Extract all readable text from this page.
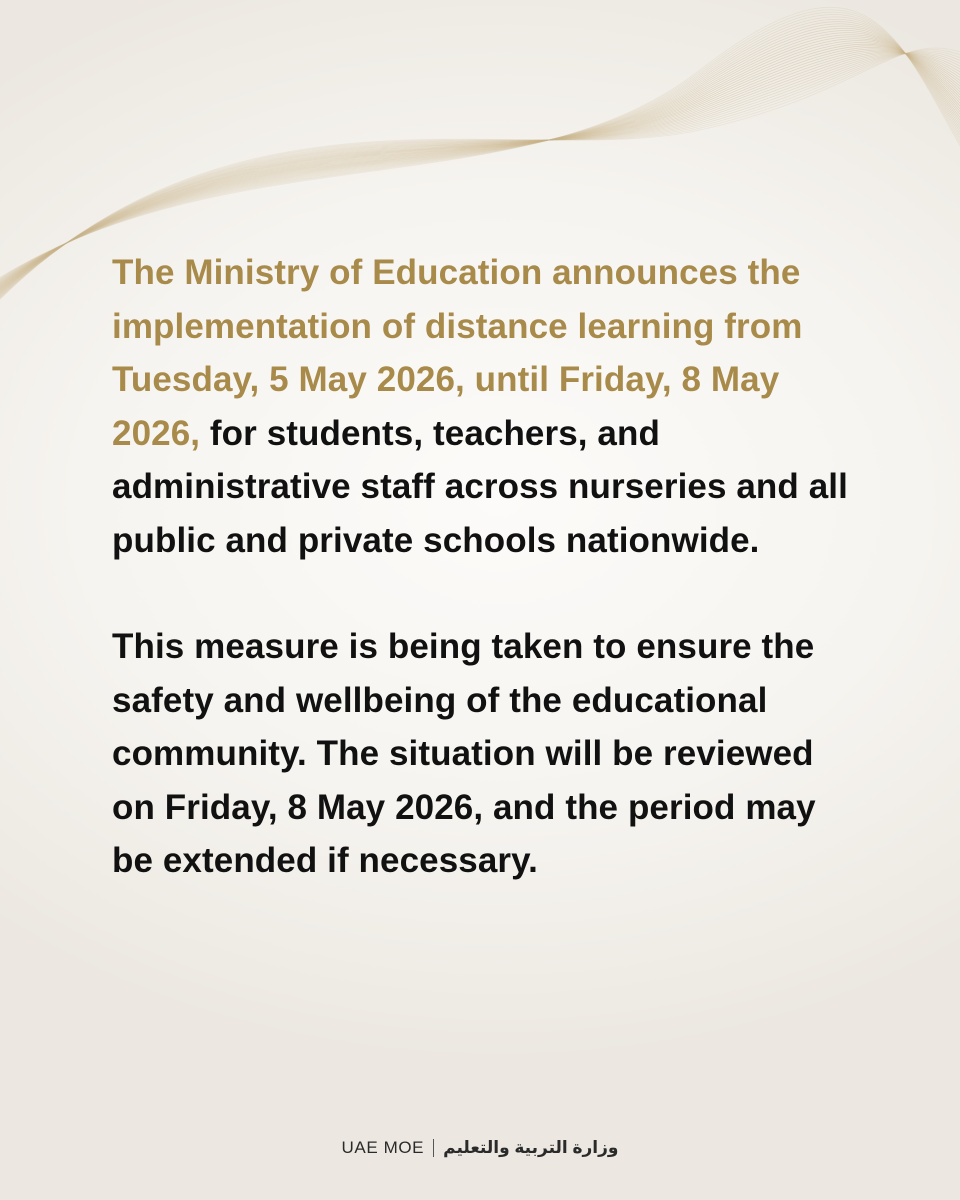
The Ministry of Education announces the implementation of distance learning from Tuesday, 5 May 2026, until Friday, 8 May 2026, for students, teachers, and administrative staff across nurseries and all public and private schools nationwide.

This measure is being taken to ensure the safety and wellbeing of the educational community. The situation will be reviewed on Friday, 8 May 2026, and the period may be extended if necessary.

UAE MOE وزارة التربية والتعليم
